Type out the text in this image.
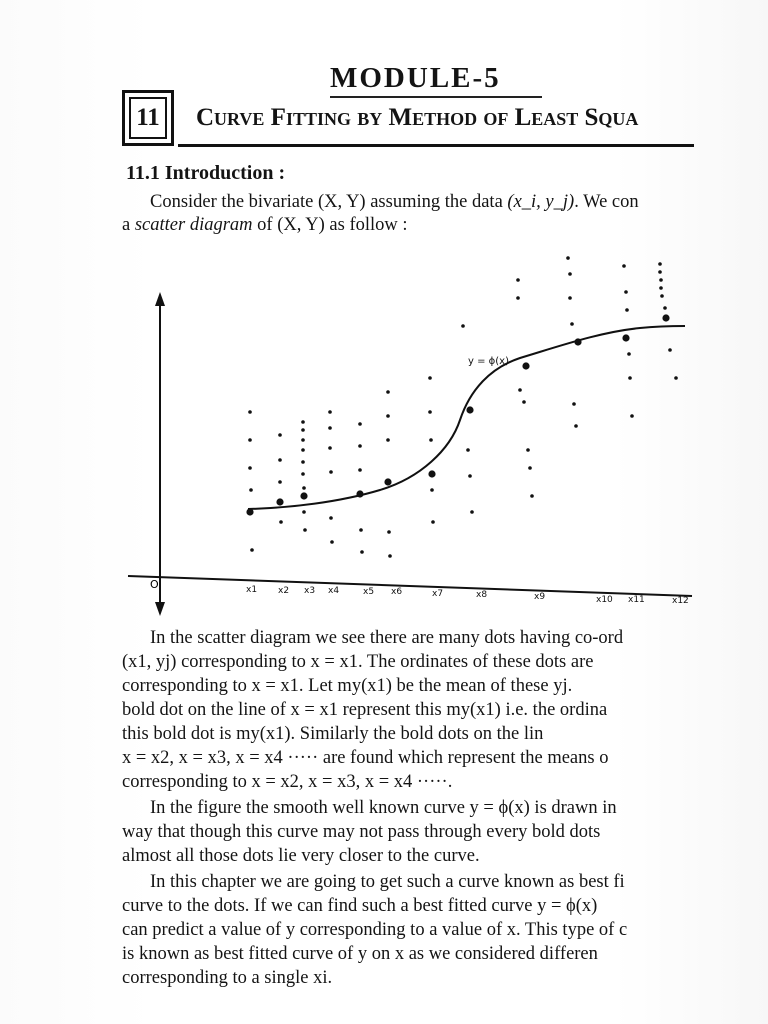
MODULE-5
11 Curve Fitting by Method of Least Squa
11.1 Introduction :
Consider the bivariate (X, Y) assuming the data (x_i, y_j). We con
a scatter diagram of (X, Y) as follow :
O	x1 x2 x3 x4	x5 x6	x7	x8	x9	x10 x11	x12
y = ϕ(x)
In the scatter diagram we see there are many dots having co-ord
(x1, yj) corresponding to x = x1. The ordinates of these dots are
corresponding to x = x1. Let my(x1) be the mean of these yj.
bold dot on the line of x = x1 represent this my(x1) i.e. the ordina
this bold dot is my(x1). Similarly the bold dots on the lin
x = x2, x = x3, x = x4 ····· are found which represent the means o
corresponding to x = x2, x = x3, x = x4 ·····.
In the figure the smooth well known curve y = ϕ(x) is drawn in
way that though this curve may not pass through every bold dots
almost all those dots lie very closer to the curve.
In this chapter we are going to get such a curve known as best fi
curve to the dots. If we can find such a best fitted curve y = ϕ(x)
can predict a value of y corresponding to a value of x. This type of c
is known as best fitted curve of y on x as we considered differen
corresponding to a single xi.
